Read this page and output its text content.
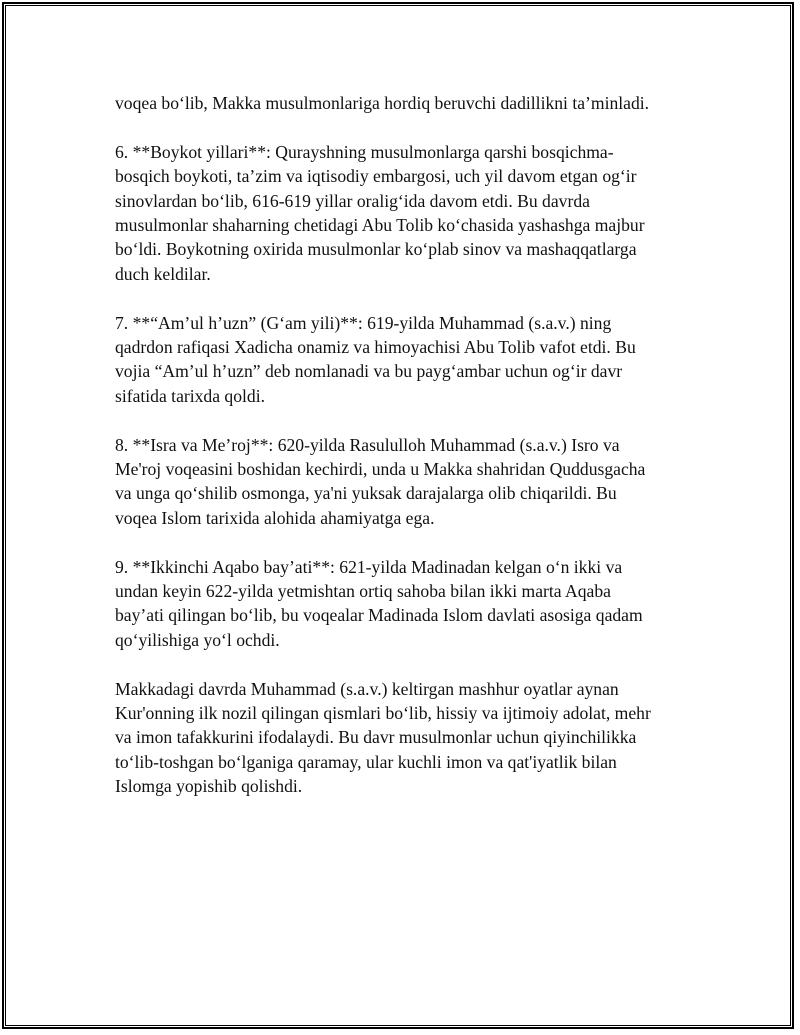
voqea bo‘lib, Makka musulmonlariga hordiq beruvchi dadillikni ta’minladi.

6. **Boykot yillari**: Qurayshning musulmonlarga qarshi bosqichma-
bosqich boykoti, ta’zim va iqtisodiy embargosi, uch yil davom etgan og‘ir
sinovlardan bo‘lib, 616-619 yillar oralig‘ida davom etdi. Bu davrda
musulmonlar shaharning chetidagi Abu Tolib ko‘chasida yashashga majbur
bo‘ldi. Boykotning oxirida musulmonlar ko‘plab sinov va mashaqqatlarga
duch keldilar.

7. **“Am’ul h’uzn” (G‘am yili)**: 619-yilda Muhammad (s.a.v.) ning
qadrdon rafiqasi Xadicha onamiz va himoyachisi Abu Tolib vafot etdi. Bu
vojia “Am’ul h’uzn” deb nomlanadi va bu payg‘ambar uchun og‘ir davr
sifatida tarixda qoldi.

8. **Isra va Me’roj**: 620-yilda Rasululloh Muhammad (s.a.v.) Isro va
Me'roj voqeasini boshidan kechirdi, unda u Makka shahridan Quddusgacha
va unga qo‘shilib osmonga, ya'ni yuksak darajalarga olib chiqarildi. Bu
voqea Islom tarixida alohida ahamiyatga ega.

9. **Ikkinchi Aqabo bay’ati**: 621-yilda Madinadan kelgan o‘n ikki va
undan keyin 622-yilda yetmishtan ortiq sahoba bilan ikki marta Aqaba
bay’ati qilingan bo‘lib, bu voqealar Madinada Islom davlati asosiga qadam
qo‘yilishiga yo‘l ochdi.

Makkadagi davrda Muhammad (s.a.v.) keltirgan mashhur oyatlar aynan
Kur'onning ilk nozil qilingan qismlari bo‘lib, hissiy va ijtimoiy adolat, mehr
va imon tafakkurini ifodalaydi. Bu davr musulmonlar uchun qiyinchilikka
to‘lib-toshgan bo‘lganiga qaramay, ular kuchli imon va qat'iyatlik bilan
Islomga yopishib qolishdi.
